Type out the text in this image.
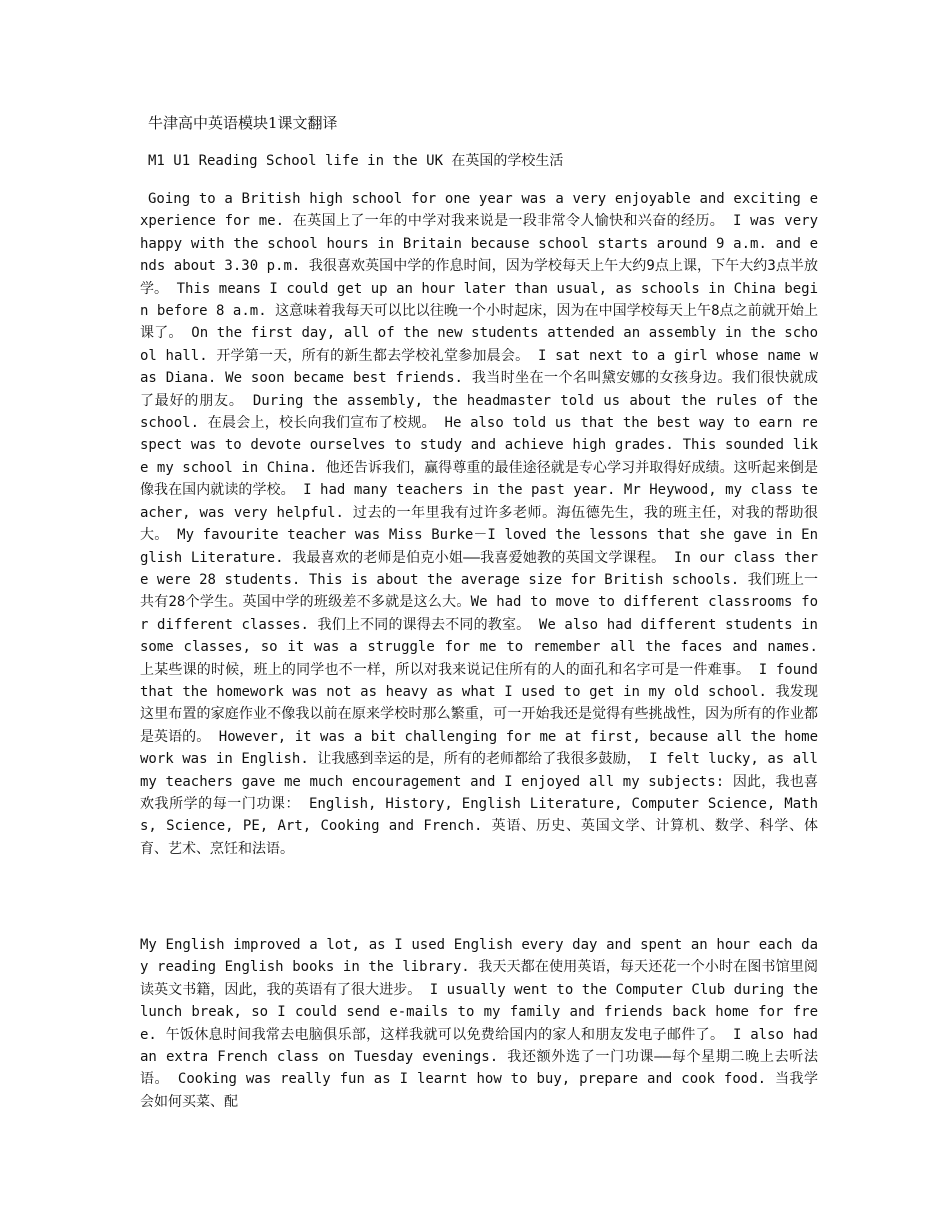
牛津高中英语模块1课文翻译

M1 U1 Reading School life in the UK 在英国的学校生活

Going to a British high school for one year was a very enjoyable and exciting experience for me. 在英国上了一年的中学对我来说是一段非常令人愉快和兴奋的经历。 I was very happy with the school hours in Britain because school starts around 9 a.m. and ends about 3.30 p.m. 我很喜欢英国中学的作息时间，因为学校每天上午大约9点上课，下午大约3点半放学。 This means I could get up an hour later than usual, as schools in China begin before 8 a.m. 这意味着我每天可以比以往晚一个小时起床，因为在中国学校每天上午8点之前就开始上课了。 On the first day, all of the new students attended an assembly in the school hall. 开学第一天，所有的新生都去学校礼堂参加晨会。 I sat next to a girl whose name was Diana. We soon became best friends. 我当时坐在一个名叫黛安娜的女孩身边。我们很快就成了最好的朋友。 During the assembly, the headmaster told us about the rules of the school. 在晨会上，校长向我们宣布了校规。 He also told us that the best way to earn respect was to devote ourselves to study and achieve high grades. This sounded like my school in China. 他还告诉我们，赢得尊重的最佳途径就是专心学习并取得好成绩。这听起来倒是像我在国内就读的学校。 I had many teachers in the past year. Mr Heywood, my class teacher, was very helpful. 过去的一年里我有过许多老师。海伍德先生，我的班主任，对我的帮助很大。 My favourite teacher was Miss Burke－I loved the lessons that she gave in English Literature. 我最喜欢的老师是伯克小姐——我喜爱她教的英国文学课程。 In our class there were 28 students. This is about the average size for British schools. 我们班上一共有28个学生。英国中学的班级差不多就是这么大。We had to move to different classrooms for different classes. 我们上不同的课得去不同的教室。 We also had different students in some classes, so it was a struggle for me to remember all the faces and names. 上某些课的时候，班上的同学也不一样，所以对我来说记住所有的人的面孔和名字可是一件难事。 I found that the homework was not as heavy as what I used to get in my old school. 我发现这里布置的家庭作业不像我以前在原来学校时那么繁重，可一开始我还是觉得有些挑战性，因为所有的作业都是英语的。 However, it was a bit challenging for me at first, because all the homework was in English. 让我感到幸运的是，所有的老师都给了我很多鼓励， I felt lucky, as all my teachers gave me much encouragement and I enjoyed all my subjects: 因此，我也喜欢我所学的每一门功课： English, History, English Literature, Computer Science, Maths, Science, PE, Art, Cooking and French. 英语、历史、英国文学、计算机、数学、科学、体育、艺术、烹饪和法语。

My English improved a lot, as I used English every day and spent an hour each day reading English books in the library. 我天天都在使用英语，每天还花一个小时在图书馆里阅读英文书籍，因此，我的英语有了很大进步。 I usually went to the Computer Club during the lunch break, so I could send e-mails to my family and friends back home for free. 午饭休息时间我常去电脑俱乐部，这样我就可以免费给国内的家人和朋友发电子邮件了。 I also had an extra French class on Tuesday evenings. 我还额外选了一门功课——每个星期二晚上去听法语。 Cooking was really fun as I learnt how to buy, prepare and cook food. 当我学会如何买菜、配
